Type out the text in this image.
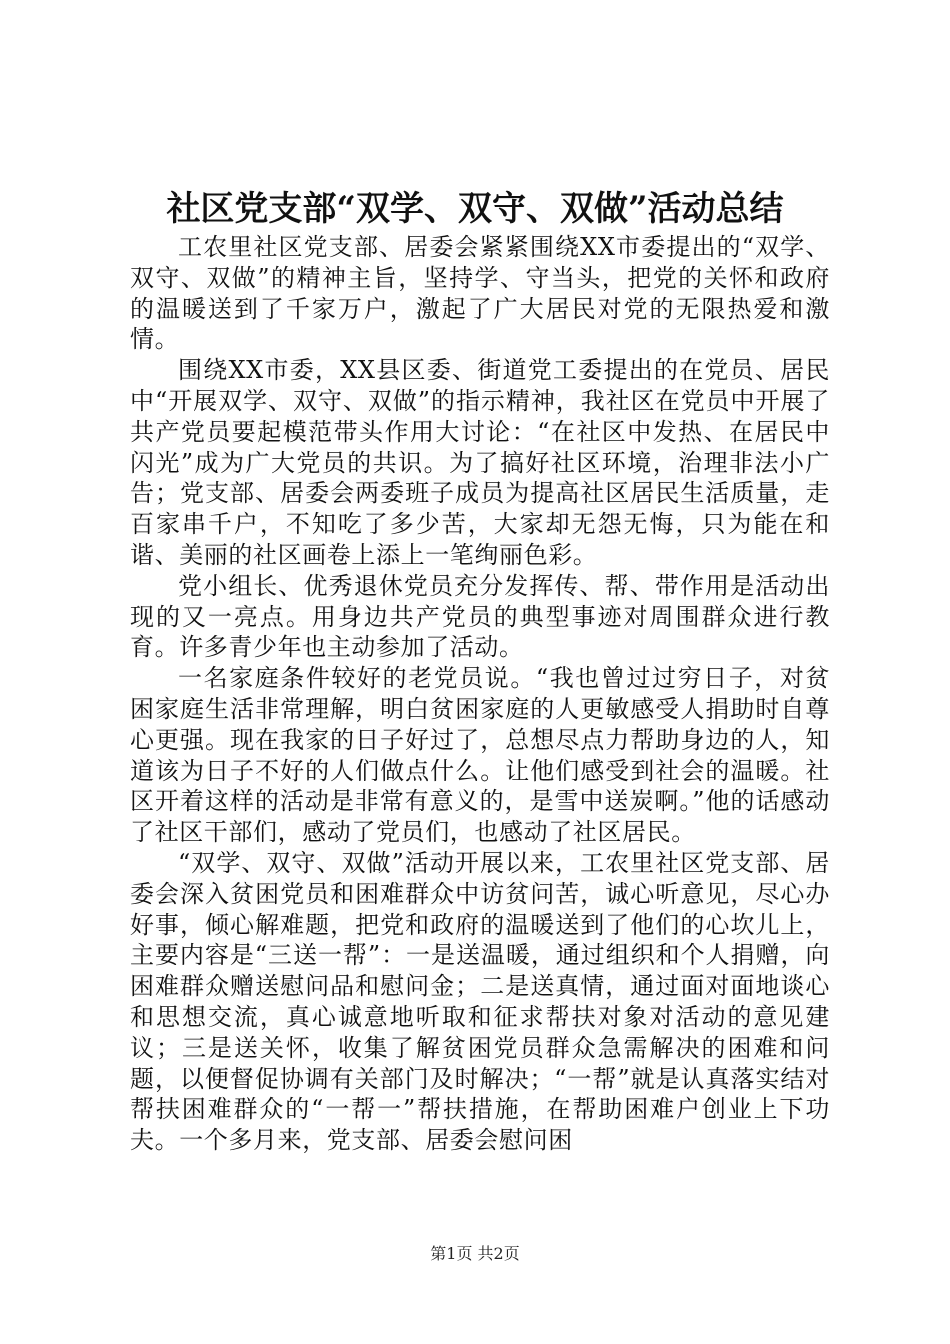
社区党支部“双学、双守、双做”活动总结

工农里社区党支部、居委会紧紧围绕XX市委提出的“双学、双守、双做”的精神主旨，坚持学、守当头，把党的关怀和政府的温暖送到了千家万户，激起了广大居民对党的无限热爱和激情。

围绕XX市委，XX县区委、街道党工委提出的在党员、居民中“开展双学、双守、双做”的指示精神，我社区在党员中开展了共产党员要起模范带头作用大讨论：“在社区中发热、在居民中闪光”成为广大党员的共识。为了搞好社区环境，治理非法小广告；党支部、居委会两委班子成员为提高社区居民生活质量，走百家串千户，不知吃了多少苦，大家却无怨无悔，只为能在和谐、美丽的社区画卷上添上一笔绚丽色彩。

党小组长、优秀退休党员充分发挥传、帮、带作用是活动出现的又一亮点。用身边共产党员的典型事迹对周围群众进行教育。许多青少年也主动参加了活动。

一名家庭条件较好的老党员说。“我也曾过过穷日子，对贫困家庭生活非常理解，明白贫困家庭的人更敏感受人捐助时自尊心更强。现在我家的日子好过了，总想尽点力帮助身边的人，知道该为日子不好的人们做点什么。让他们感受到社会的温暖。社区开着这样的活动是非常有意义的，是雪中送炭啊。”他的话感动了社区干部们，感动了党员们，也感动了社区居民。

“双学、双守、双做”活动开展以来，工农里社区党支部、居委会深入贫困党员和困难群众中访贫问苦，诚心听意见，尽心办好事，倾心解难题，把党和政府的温暖送到了他们的心坎儿上，主要内容是“三送一帮”：一是送温暖，通过组织和个人捐赠，向困难群众赠送慰问品和慰问金；二是送真情，通过面对面地谈心和思想交流，真心诚意地听取和征求帮扶对象对活动的意见建议；三是送关怀，收集了解贫困党员群众急需解决的困难和问题，以便督促协调有关部门及时解决；“一帮”就是认真落实结对帮扶困难群众的“一帮一”帮扶措施，在帮助困难户创业上下功夫。一个多月来，党支部、居委会慰问困

第1页 共2页
